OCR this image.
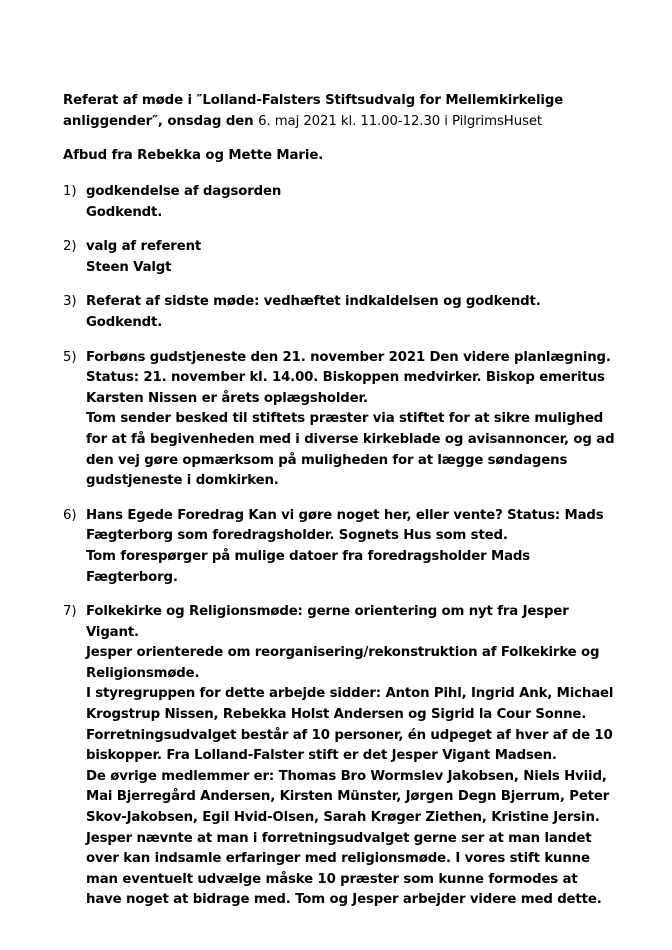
Referat af møde i ″Lolland-Falsters Stiftsudvalg for Mellemkirkelige anliggender″, onsdag den 6. maj 2021 kl. 11.00-12.30 i PilgrimsHuset

Afbud fra Rebekka og Mette Marie.

1) godkendelse af dagsorden

Godkendt.

2) valg af referent

Steen Valgt

3) Referat af sidste møde: vedhæftet indkaldelsen og godkendt.

Godkendt.

5) Forbøns gudstjeneste den 21. november 2021 Den videre planlægning.

Status: 21. november kl. 14.00. Biskoppen medvirker. Biskop emeritus Karsten Nissen er årets oplægsholder.

Tom sender besked til stiftets præster via stiftet for at sikre mulighed for at få begivenheden med i diverse kirkeblade og avisannoncer, og ad den vej gøre opmærksom på muligheden for at lægge søndagens gudstjeneste i domkirken.

6) Hans Egede Foredrag Kan vi gøre noget her, eller vente? Status: Mads Fægterborg som foredragsholder. Sognets Hus som sted.

Tom forespørger på mulige datoer fra foredragsholder Mads Fægterborg.

7) Folkekirke og Religionsmøde: gerne orientering om nyt fra Jesper Vigant.

Jesper orienterede om reorganisering/rekonstruktion af Folkekirke og Religionsmøde.

I styregruppen for dette arbejde sidder: Anton Pihl, Ingrid Ank, Michael Krogstrup Nissen, Rebekka Holst Andersen og Sigrid la Cour Sonne.

Forretningsudvalget består af 10 personer, én udpeget af hver af de 10 biskopper. Fra Lolland-Falster stift er det Jesper Vigant Madsen.

De øvrige medlemmer er: Thomas Bro Wormslev Jakobsen, Niels Hviid, Mai Bjerregård Andersen, Kirsten Münster, Jørgen Degn Bjerrum, Peter Skov-Jakobsen, Egil Hvid-Olsen, Sarah Krøger Ziethen, Kristine Jersin.

Jesper nævnte at man i forretningsudvalget gerne ser at man landet over kan indsamle erfaringer med religionsmøde. I vores stift kunne man eventuelt udvælge måske 10 præster som kunne formodes at have noget at bidrage med. Tom og Jesper arbejder videre med dette.
